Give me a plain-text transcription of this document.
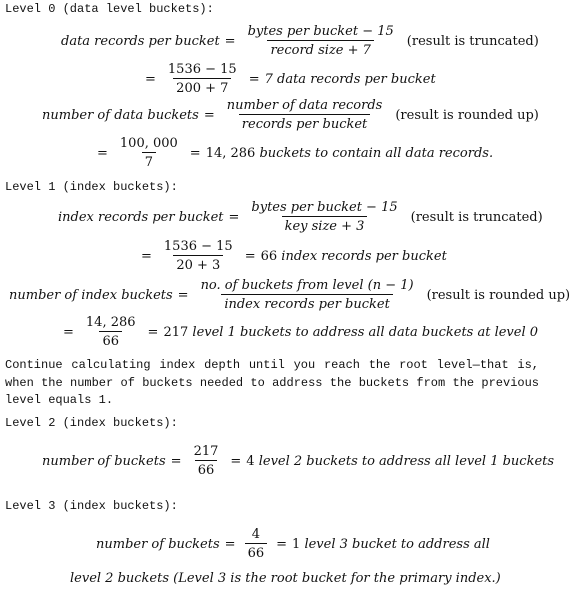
Level 0 (data level buckets):
data records per bucket = $\frac{\text{bytes per bucket − 15}}{\text{record size + 7}}$ (result is truncated)
= $\frac{1536 - 15}{200 + 7} = 7$ data records per bucket
number of data buckets = $\frac{\text{number of data records}}{\text{records per bucket}}$ (result is rounded up)
= $\frac{100, 000}{7} = 14$, 286
buckets to contain all data records.
Level 1 (index buckets):
index records per bucket = $\frac{\text{bytes per bucket − 15}}{\text{key size + 3}}$ (result is truncated)
= $\frac{1536 - 15}{20 + 3} = 66$
index records per bucket
number of index buckets = $\frac{\text{no. of buckets from level (n − 1)}}{\text{index records per bucket}}$ (result is rounded up)
= $\frac{14, 286}{66} = 217$
level 1 buckets to address all data buckets at level 0
Continue calculating index depth until you reach the root level—that is, when the number of buckets needed to address the buckets from the previous level equals 1.
Level 2 (index buckets):
number of buckets = $\frac{217}{66} = 4$
level 2 buckets to address all level 1 buckets
Level 3 (index buckets):
number of buckets = $\frac{4}{66} = 1$
level 3 bucket to address all
level 2 buckets (Level 3 is the root bucket for the primary index.)
